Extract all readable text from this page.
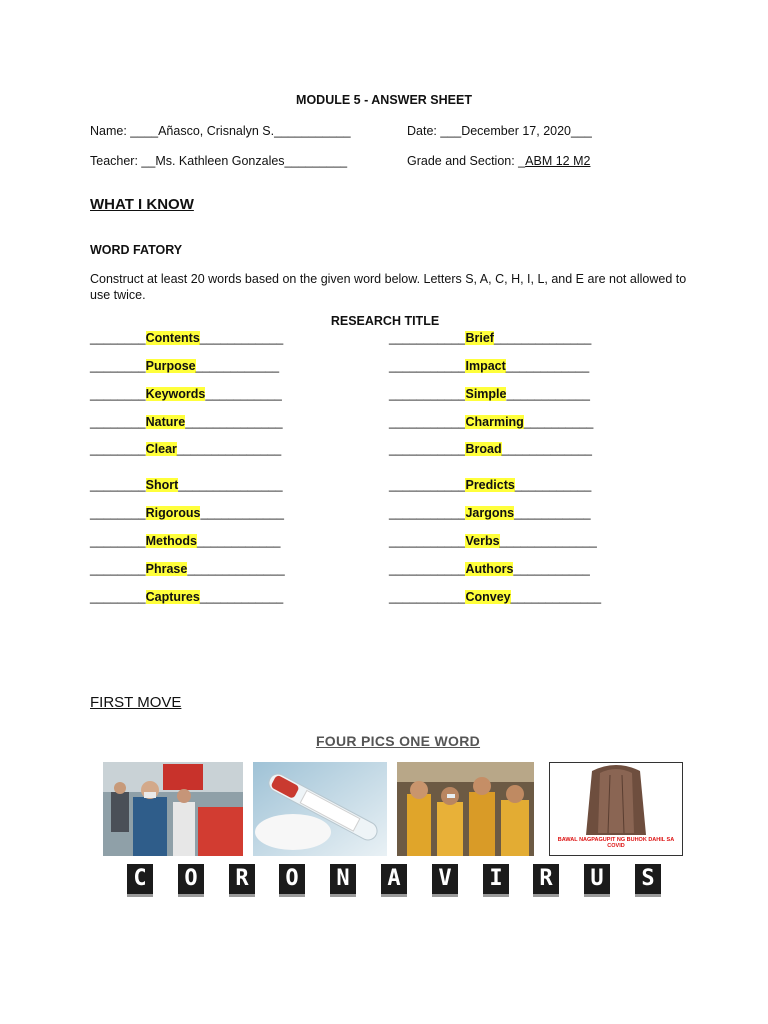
MODULE 5 - ANSWER SHEET
Name: ____Añasco, Crisnalyn S.___________	Date: ___December 17, 2020___
Teacher: __Ms. Kathleen Gonzales_________	Grade and Section: _ABM 12 M2
WHAT I KNOW
WORD FATORY
Construct at least 20 words based on the given word below. Letters S, A, C, H, I, L, and E are not allowed to use twice.
RESEARCH TITLE
________Contents____________
________Purpose____________
________Keywords___________
________Nature______________
________Clear_______________
________Short_______________
________Rigorous____________
________Methods____________
________Phrase______________
________Captures____________
___________Brief______________
___________Impact____________
___________Simple____________
___________Charming__________
___________Broad_____________
___________Predicts___________
___________Jargons___________
___________Verbs______________
___________Authors___________
___________Convey_____________
FIRST MOVE
FOUR PICS ONE WORD
BAWAL NAGPAGUPIT NG BUHOK DAHIL SA COVID
C O R O N A V I R U S
